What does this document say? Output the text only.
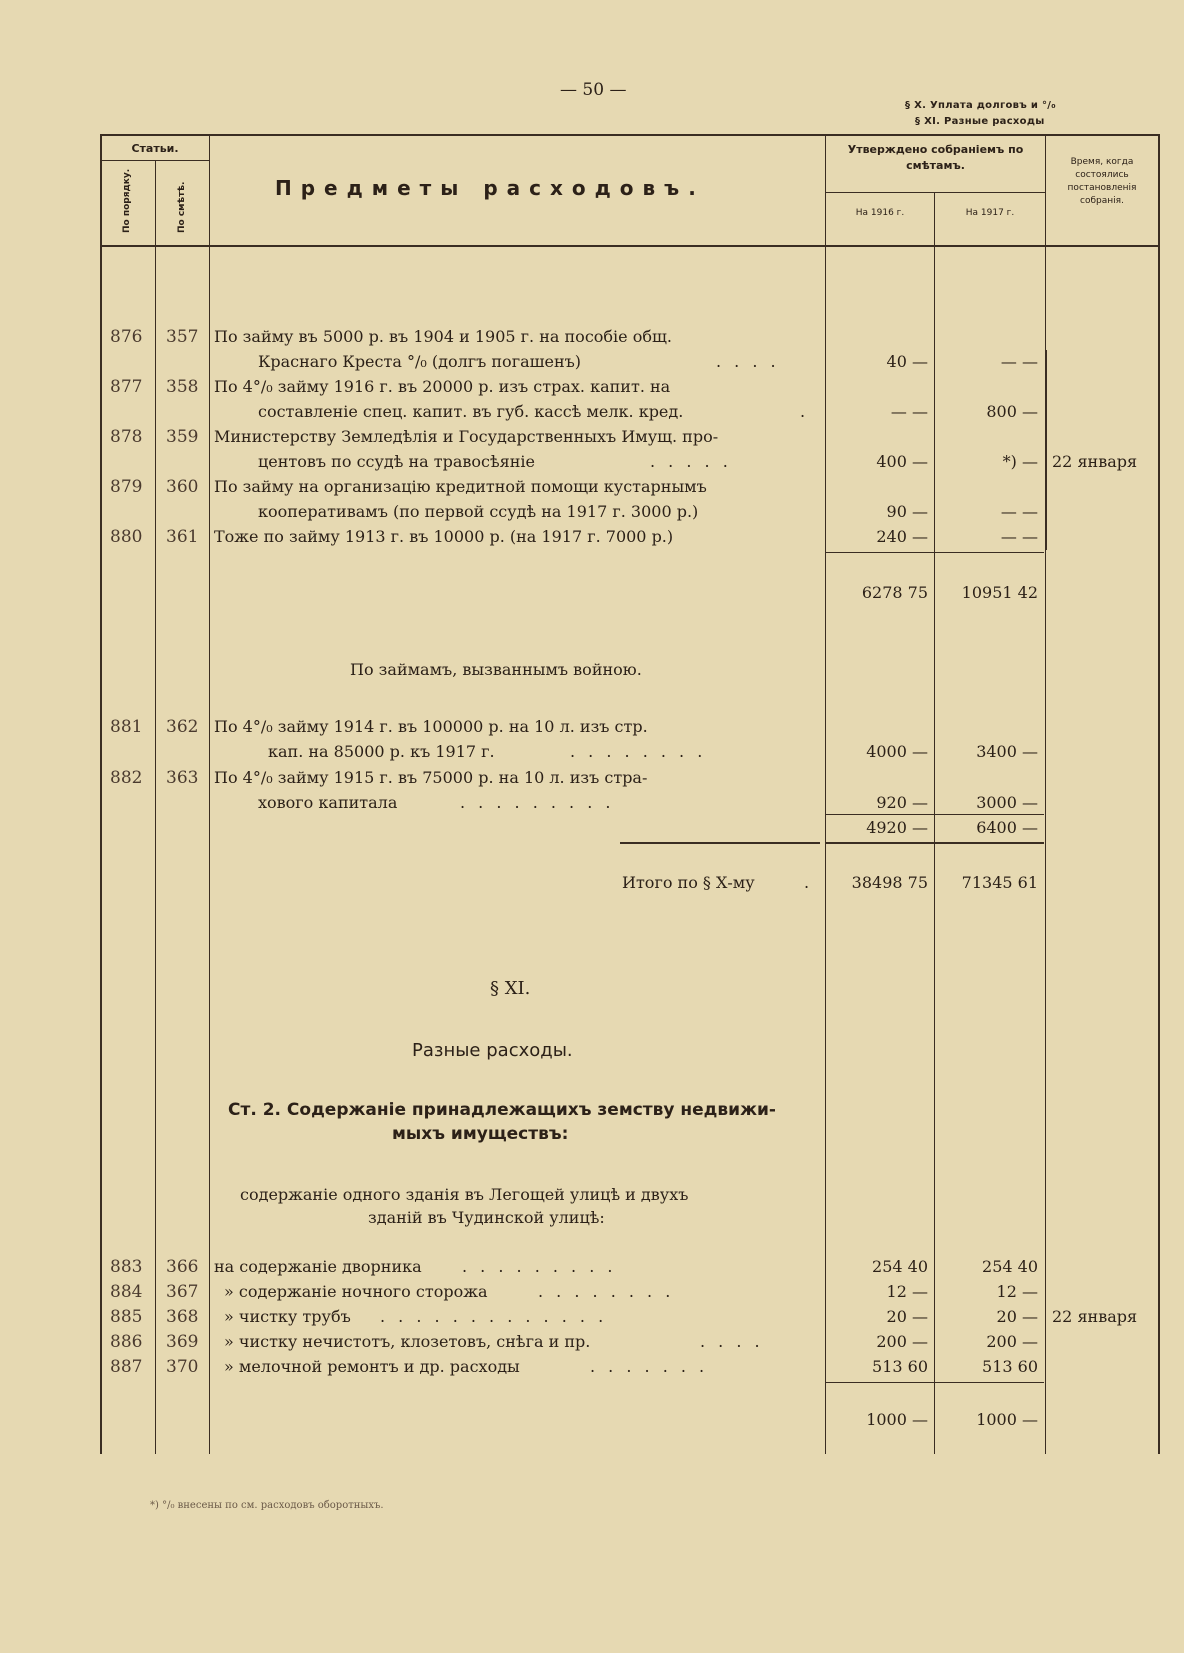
— 50 —
§ X. Уплата долговъ и °/₀
§ XI. Разные расходы
Статьи.
По порядку.	По смѣтѣ.	Предметы расходовъ.
Утверждено собраніемъ по смѣтамъ.
На 1916 г.	На 1917 г.
Время, когда состоялись постановленія собранія.
876 357 По займу въ 5000 р. въ 1904 и 1905 г. на пособіе общ.
Краснаго Креста °/₀ (долгъ погашенъ)	. . . .	40 —	— —
877 358 По 4°/₀ займу 1916 г. въ 20000 р. изъ страх. капит. на
составленіе спец. капит. въ губ. кассѣ мелк. кред.	.	— —	800 —
878 359 Министерству Земледѣлія и Государственныхъ Имущ. про-
центовъ по ссудѣ на травосѣяніе	. . . . .	400 —	*) —
879 360 По займу на организацію кредитной помощи кустарнымъ
кооперативамъ (по первой ссудѣ на 1917 г. 3000 р.)	90 —	— —
880 361 Тоже по займу 1913 г. въ 10000 р. (на 1917 г. 7000 р.)	240 —	— —
22 января
6278 75	10951 42
По займамъ, вызваннымъ войною.
881 362 По 4°/₀ займу 1914 г. въ 100000 р. на 10 л. изъ стр.
кап. на 85000 р. къ 1917 г.	. . . . . . . .	4000 —	3400 —
882 363 По 4°/₀ займу 1915 г. въ 75000 р. на 10 л. изъ стра-
хового капитала	. . . . . . . . .	920 —	3000 —
4920 —	6400 —
Итого по § Х-му	.	38498 75	71345 61
§ XI.
Разные расходы.
Ст. 2. Содержаніе принадлежащихъ земству недвижи-
мыхъ имуществъ:
содержаніе одного зданія въ Легощей улицѣ и двухъ
зданій въ Чудинской улицѣ:
883 366 на содержаніе дворника	. . . . . . . . .	254 40	254 40
884 367 » содержаніе ночного сторожа	. . . . . . . .	12 —	12 —
885 368 » чистку трубъ . . . . . . . . . . . . .	20 —	20 —
886 369 » чистку нечистотъ, клозетовъ, снѣга и пр.	. . . .	200 —	200 —
887 370 » мелочной ремонтъ и др. расходы	. . . . . . .	513 60	513 60
22 января
1000 —	1000 —
*) °/₀ внесены по см. расходовъ оборотныхъ.
